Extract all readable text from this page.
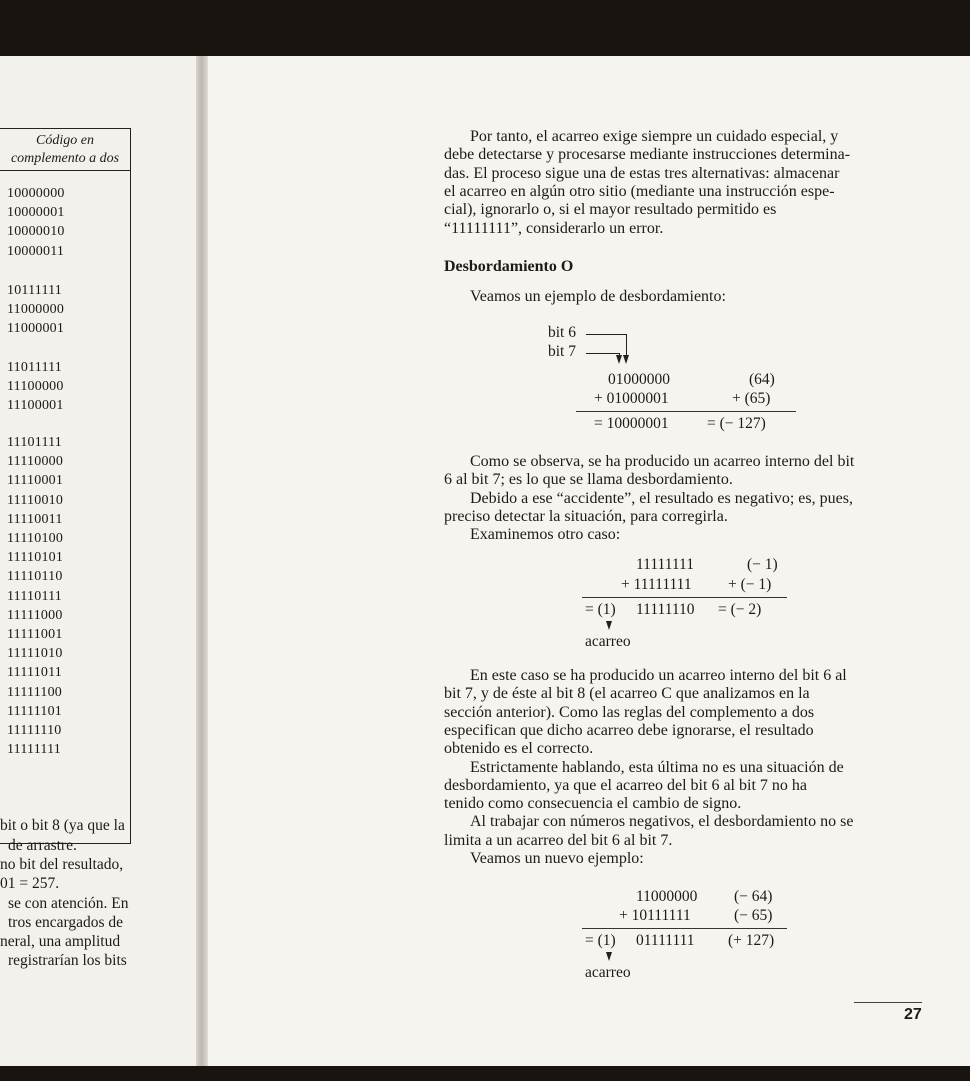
Código en
complemento a dos
10000000
10000001
10000010
10000011
10111111
11000000
11000001
11011111
11100000
11100001
11101111
11110000
11110001
11110010
11110011
11110100
11110101
11110110
11110111
11111000
11111001
11111010
11111011
11111100
11111101
11111110
11111111
bit o bit 8 (ya que la
de arrastre.
no bit del resultado,
01 = 257.
se con atención. En
tros encargados de
neral, una amplitud
registrarían los bits
Por tanto, el acarreo exige siempre un cuidado especial, y
debe detectarse y procesarse mediante instrucciones determina-
das. El proceso sigue una de estas tres alternativas: almacenar
el acarreo en algún otro sitio (mediante una instrucción espe-
cial), ignorarlo o, si el mayor resultado permitido es
“11111111”, considerarlo un error.
Desbordamiento O
Veamos un ejemplo de desbordamiento:
bit 6
bit 7
01000000	(64)
+ 01000001	+ (65)
= 10000001 = (− 127)
Como se observa, se ha producido un acarreo interno del bit
6 al bit 7; es lo que se llama desbordamiento.
Debido a ese “accidente”, el resultado es negativo; es, pues,
preciso detectar la situación, para corregirla.
Examinemos otro caso:
11111111	(− 1)
+ 11111111 + (− 1)
= (1) 11111110 = (− 2)
acarreo
En este caso se ha producido un acarreo interno del bit 6 al
bit 7, y de éste al bit 8 (el acarreo C que analizamos en la
sección anterior). Como las reglas del complemento a dos
especifican que dicho acarreo debe ignorarse, el resultado
obtenido es el correcto.
Estrictamente hablando, esta última no es una situación de
desbordamiento, ya que el acarreo del bit 6 al bit 7 no ha
tenido como consecuencia el cambio de signo.
Al trabajar con números negativos, el desbordamiento no se
limita a un acarreo del bit 6 al bit 7.
Veamos un nuevo ejemplo:
11000000 (− 64)
+ 10111111	(− 65)
= (1) 01111111 (+ 127)
acarreo
27
